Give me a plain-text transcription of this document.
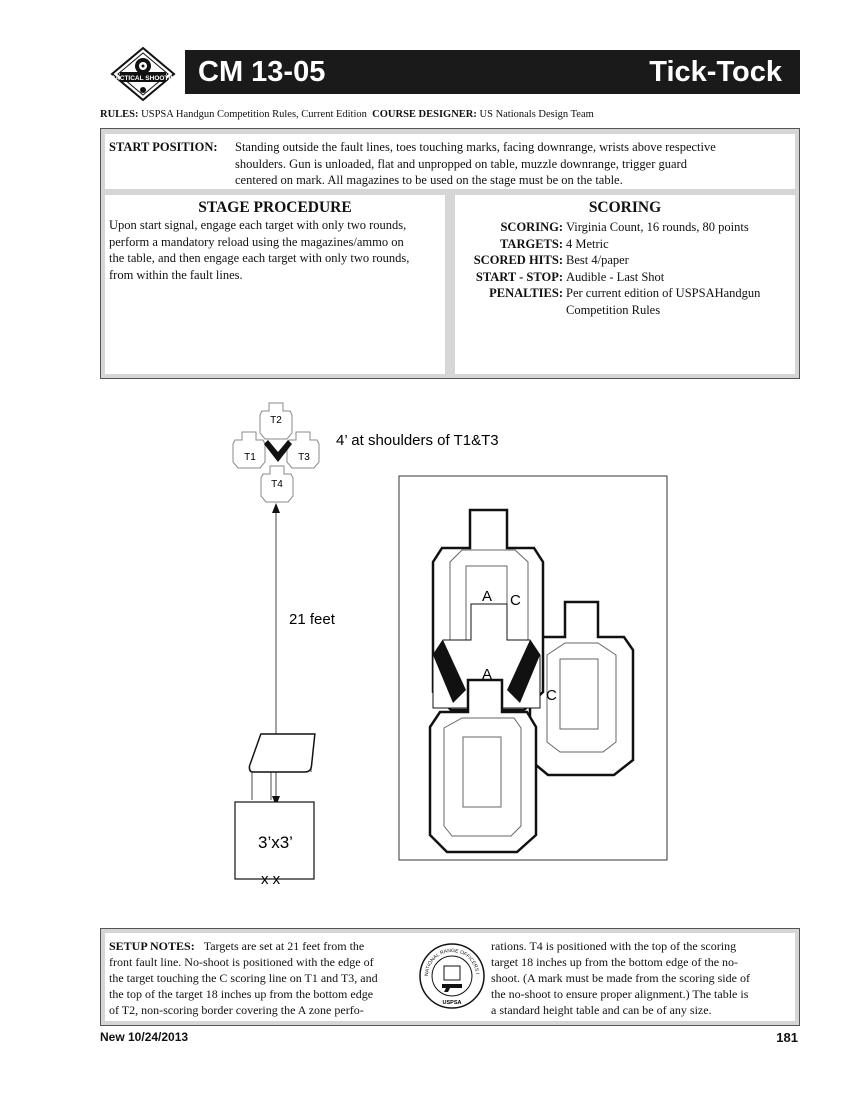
PRACTICAL SHOOTING CM 13-05	Tick-Tock
RULES: USPSA Handgun Competition Rules, Current Edition COURSE DESIGNER: US Nationals Design Team
START POSITION: Standing outside the fault lines, toes touching marks, facing downrange, wrists above respective
shoulders. Gun is unloaded, flat and unpropped on table, muzzle downrange, trigger guard
centered on mark. All magazines to be used on the stage must be on the table.
STAGE PROCEDURE
Upon start signal, engage each target with only two rounds,
perform a mandatory reload using the magazines/ammo on
the table, and then engage each target with only two rounds,
from within the fault lines.
SCORING
SCORING: Virginia Count, 16 rounds, 80 points
TARGETS: 4 Metric
SCORED HITS: Best 4/paper
START - STOP: Audible - Last Shot
PENALTIES: Per current edition of USPSAHandgun Competition Rules
T2
T1	T3
T4
4’ at shoulders of T1&T3
21 feet
3’x3’
x x
A C
A
C
SETUP NOTES: Targets are set at 21 feet from the
front fault line. No-shoot is positioned with the edge of
the target touching the C scoring line on T1 and T3, and
the top of the target 18 inches up from the bottom edge
of T2, non-scoring border covering the A zone perfo-
NATIONAL RANGE OFFICERS I
USPSA
rations. T4 is positioned with the top of the scoring
target 18 inches up from the bottom edge of the no-
shoot. (A mark must be made from the scoring side of
the no-shoot to ensure proper alignment.) The table is
a standard height table and can be of any size.
New 10/24/2013	181
